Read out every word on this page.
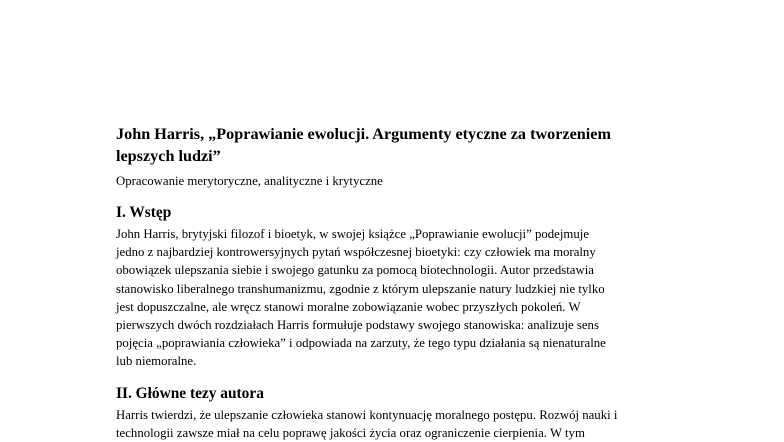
John Harris, „Poprawianie ewolucji. Argumenty etyczne za tworzeniem
lepszych ludzi”

Opracowanie merytoryczne, analityczne i krytyczne

I. Wstęp

John Harris, brytyjski filozof i bioetyk, w swojej książce „Poprawianie ewolucji” podejmuje
jedno z najbardziej kontrowersyjnych pytań współczesnej bioetyki: czy człowiek ma moralny
obowiązek ulepszania siebie i swojego gatunku za pomocą biotechnologii. Autor przedstawia
stanowisko liberalnego transhumanizmu, zgodnie z którym ulepszanie natury ludzkiej nie tylko
jest dopuszczalne, ale wręcz stanowi moralne zobowiązanie wobec przyszłych pokoleń. W
pierwszych dwóch rozdziałach Harris formułuje podstawy swojego stanowiska: analizuje sens
pojęcia „poprawiania człowieka” i odpowiada na zarzuty, że tego typu działania są nienaturalne
lub niemoralne.

II. Główne tezy autora

Harris twierdzi, że ulepszanie człowieka stanowi kontynuację moralnego postępu. Rozwój nauki i
technologii zawsze miał na celu poprawę jakości życia oraz ograniczenie cierpienia. W tym
